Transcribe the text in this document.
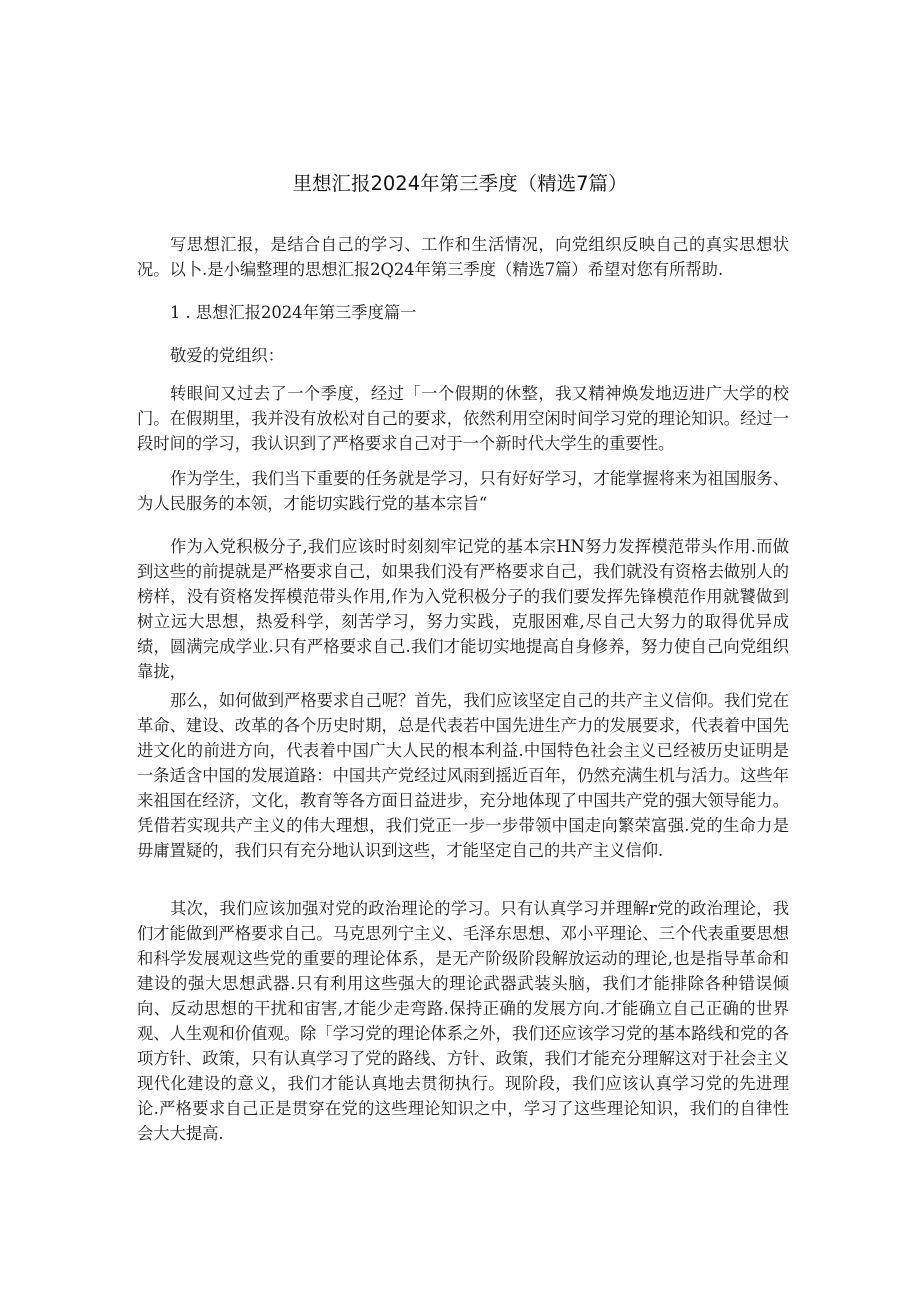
里想汇报2024年第三季度（精选7篇）

写思想汇报，是结合自己的学习、工作和生活情况，向党组织反映自己的真实思想状况。以卜.是小编整理的思想汇报2Q24年第三季度（精选7篇）希望对您有所帮助.

1 . 思想汇报2024年第三季度篇一

敬爱的党组织：

转眼间又过去了一个季度，经过「一个假期的休整，我又精神焕发地迈进广大学的校门。在假期里，我并没有放松对自己的要求，依然利用空闲时间学习党的理论知识。经过一段时间的学习，我认识到了严格要求自己对于一个新时代大学生的重要性。

作为学生，我们当下重要的任务就是学习，只有好好学习，才能掌握将来为祖国服务、为人民服务的本领，才能切实践行党的基本宗旨“

作为入党积极分子,我们应该时时刻刻牢记党的基本宗HN努力发挥模范带头作用.而做到这些的前提就是严格要求自己，如果我们没有严格要求自己，我们就没有资格去做别人的榜样，没有资格发挥模范带头作用,作为入党积极分子的我们要发挥先锋模范作用就饕做到树立远大思想，热爱科学，刻苦学习，努力实践，克服困难,尽自己大努力的取得优异成绩，圆满完成学业.只有严格要求自己.我们才能切实地提高自身修养，努力使自己向党组织靠拢，

那么，如何做到严格要求自己呢？首先，我们应该坚定自己的共产主义信仰。我们党在革命、建设、改革的各个历史时期，总是代表若中国先进生产力的发展要求，代表着中国先进文化的前进方向，代表着中国广大人民的根本利益.中国特色社会主义已经被历史证明是一条适含中国的发展道路：中国共产党经过风雨到摇近百年，仍然充满生机与活力。这些年来祖国在经济，文化，教育等各方面日益进步，充分地体现了中国共产党的强大领导能力。凭借若实现共产主义的伟大理想，我们党正一步一步带领中国走向繁荣富强.党的生命力是毋庸置疑的，我们只有充分地认识到这些，才能坚定自己的共产主义信仰.

其次，我们应该加强对党的政治理论的学习。只有认真学习并理解r党的政治理论，我们才能做到严格要求自己。马克思列宁主义、毛泽东思想、邓小平理论、三个代表重要思想和科学发展观这些党的重要的理论体系，是无产阶级阶段解放运动的理论,也是指导革命和建设的强大思想武器.只有利用这些强大的理论武器武装头脑，我们才能排除各种错误倾向、反动思想的干扰和宙害,才能少走弯路.保持正确的发展方向.才能确立自己正确的世界观、人生观和价值观。除「学习党的理论体系之外，我们还应该学习党的基本路线和党的各项方针、政策，只有认真学习了党的路线、方针、政策，我们才能充分理解这对于社会主义现代化建设的意义，我们才能认真地去贯彻执行。现阶段，我们应该认真学习党的先进理论.严格要求自己正是贯穿在党的这些理论知识之中，学习了这些理论知识，我们的自律性会大大提高.
